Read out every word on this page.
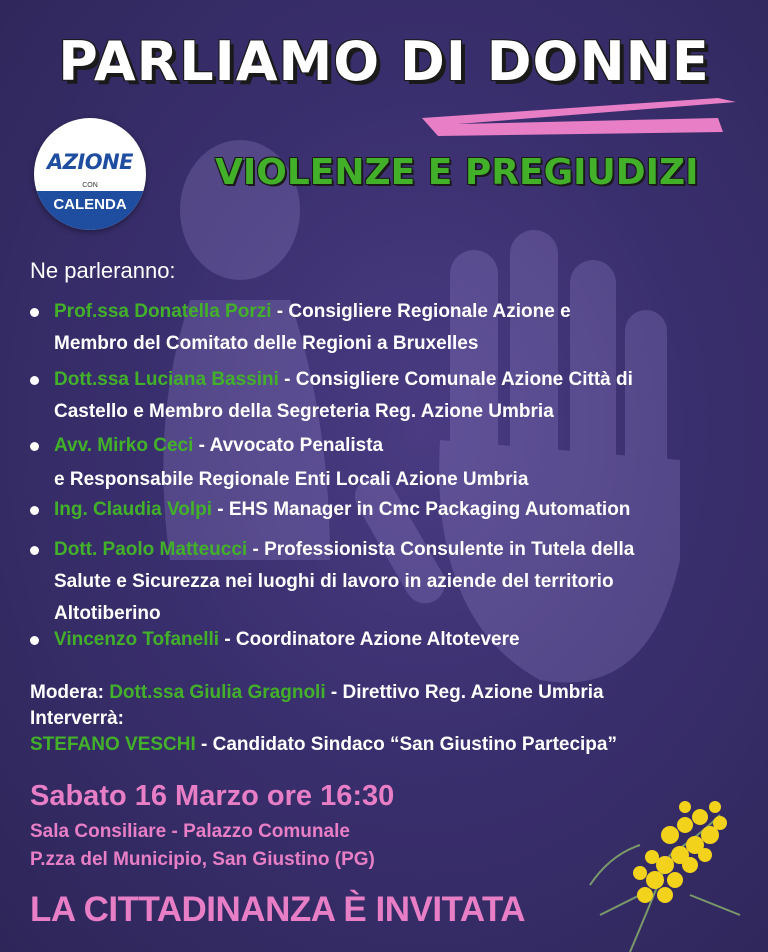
PARLIAMO DI DONNE
AZIONE
CON
CALENDA
VIOLENZE E PREGIUDIZI
Ne parleranno:
Prof.ssa Donatella Porzi - Consigliere Regionale Azione e
Membro del Comitato delle Regioni a Bruxelles
Dott.ssa Luciana Bassini - Consigliere Comunale Azione Città di
Castello e Membro della Segreteria Reg. Azione Umbria
Avv. Mirko Ceci - Avvocato Penalista
e Responsabile Regionale Enti Locali Azione Umbria
Ing. Claudia Volpi - EHS Manager in Cmc Packaging Automation
Dott. Paolo Matteucci - Professionista Consulente in Tutela della
Salute e Sicurezza nei luoghi di lavoro in aziende del territorio
Altotiberino
Vincenzo Tofanelli - Coordinatore Azione Altotevere
Modera: Dott.ssa Giulia Gragnoli - Direttivo Reg. Azione Umbria
Interverrà:
STEFANO VESCHI - Candidato Sindaco “San Giustino Partecipa”
Sabato 16 Marzo ore 16:30
Sala Consiliare - Palazzo Comunale
P.zza del Municipio, San Giustino (PG)
LA CITTADINANZA È INVITATA
